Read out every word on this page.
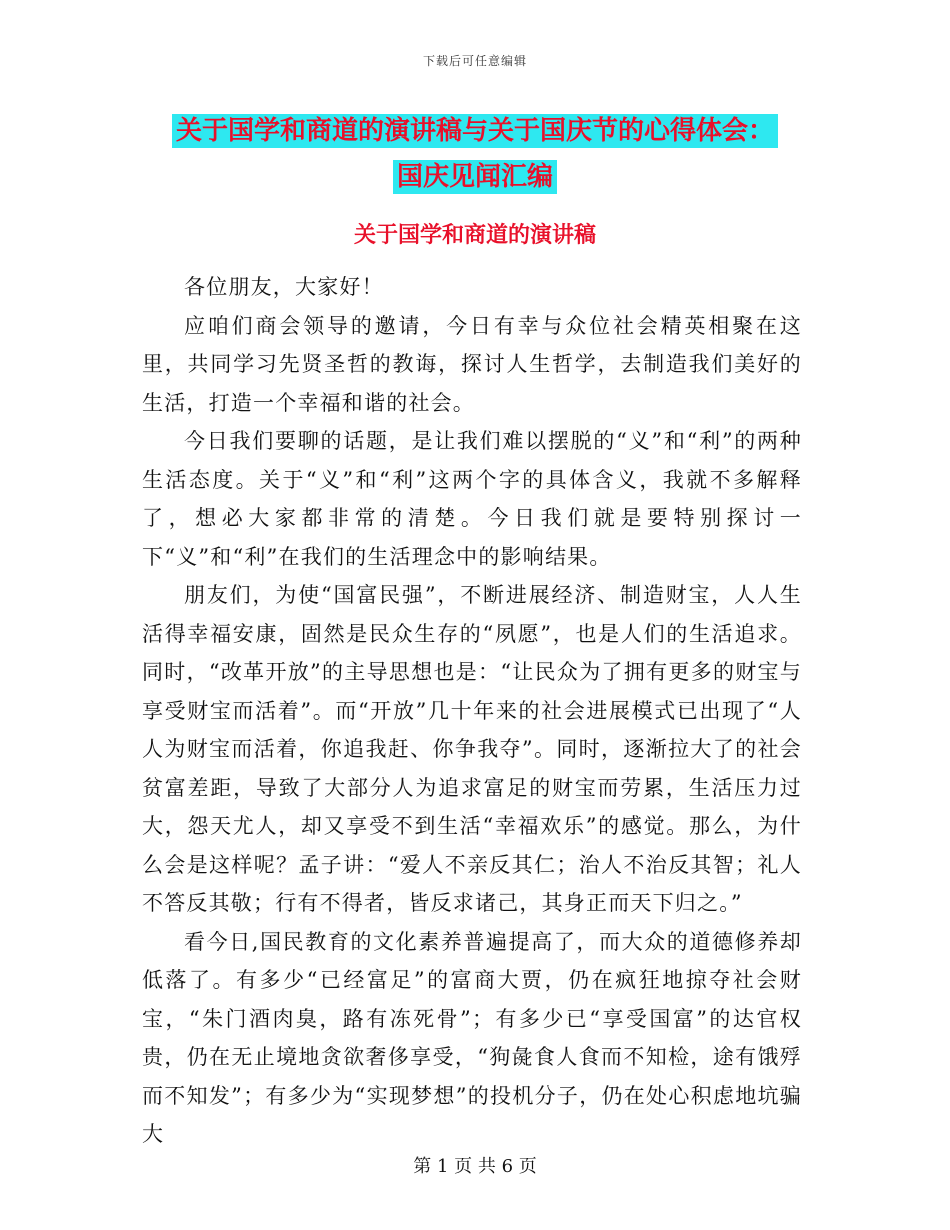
下载后可任意编辑
关于国学和商道的演讲稿与关于国庆节的心得体会：
国庆见闻汇编
关于国学和商道的演讲稿

各位朋友，大家好！

应咱们商会领导的邀请，今日有幸与众位社会精英相聚在这里，共同学习先贤圣哲的教诲，探讨人生哲学，去制造我们美好的生活，打造一个幸福和谐的社会。

今日我们要聊的话题，是让我们难以摆脱的“义”和“利”的两种生活态度。关于“义”和“利”这两个字的具体含义，我就不多解释了，想必大家都非常的清楚。今日我们就是要特别探讨一下“义”和“利”在我们的生活理念中的影响结果。

朋友们，为使“国富民强”，不断进展经济、制造财宝，人人生活得幸福安康，固然是民众生存的“夙愿”，也是人们的生活追求。同时，“改革开放”的主导思想也是：“让民众为了拥有更多的财宝与享受财宝而活着”。而“开放”几十年来的社会进展模式已出现了“人人为财宝而活着，你追我赶、你争我夺”。同时，逐渐拉大了的社会贫富差距，导致了大部分人为追求富足的财宝而劳累，生活压力过大，怨天尤人，却又享受不到生活“幸福欢乐”的感觉。那么，为什么会是这样呢？孟子讲：“爱人不亲反其仁；治人不治反其智；礼人不答反其敬；行有不得者，皆反求诸己，其身正而天下归之。”

看今日,国民教育的文化素养普遍提高了，而大众的道德修养却低落了。有多少“已经富足”的富商大贾，仍在疯狂地掠夺社会财宝，“朱门酒肉臭，路有冻死骨”；有多少已“享受国富”的达官权贵，仍在无止境地贪欲奢侈享受，“狗彘食人食而不知检，途有饿殍而不知发”；有多少为“实现梦想”的投机分子，仍在处心积虑地坑骗大

第 1 页 共 6 页
